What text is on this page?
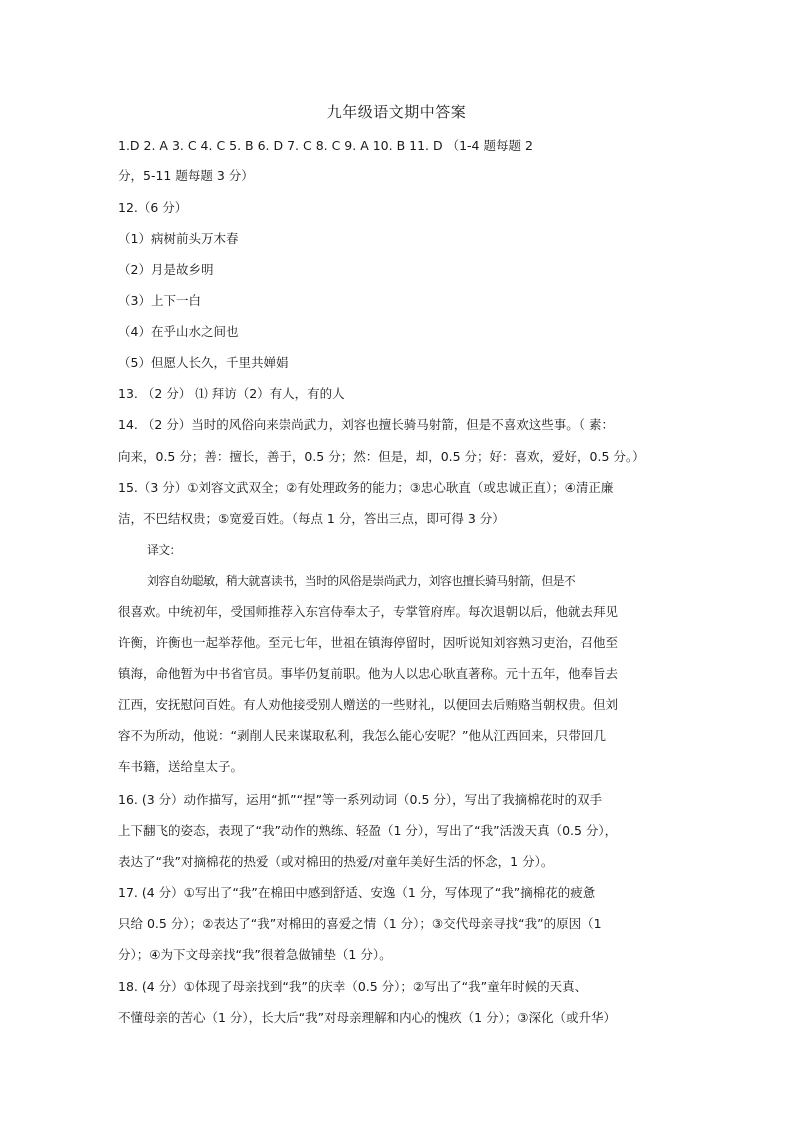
九年级语文期中答案
1.D 2. A 3. C 4. C 5. B 6. D 7. C 8. C 9. A 10. B 11. D （1-4 题每题 2
分，5-11 题每题 3 分）
12.（6 分）
（1）病树前头万木春
（2）月是故乡明
（3）上下一白
（4）在乎山水之间也
（5）但愿人长久，千里共婵娟
13. （2 分） ⑴ 拜访（2）有人，有的人
14. （2 分）当时的风俗向来崇尚武力，刘容也擅长骑马射箭，但是不喜欢这些事。（ 素：
向来，0.5 分；善：擅长，善于，0.5 分；然：但是，却，0.5 分；好：喜欢，爱好，0.5 分。）
15.（3 分）①刘容文武双全；②有处理政务的能力；③忠心耿直（或忠诚正直）；④清正廉
洁，不巴结权贵；⑤宽爱百姓。（每点 1 分，答出三点，即可得 3 分）
译文：
刘容自幼聪敏，稍大就喜读书，当时的风俗是崇尚武力，刘容也擅长骑马射箭，但是不
很喜欢。中统初年，受国师推荐入东宫侍奉太子，专掌管府库。每次退朝以后，他就去拜见
许衡，许衡也一起举荐他。至元七年，世祖在镇海停留时，因听说知刘容熟习吏治，召他至
镇海，命他暂为中书省官员。事毕仍复前职。他为人以忠心耿直著称。元十五年，他奉旨去
江西，安抚慰问百姓。有人劝他接受别人赠送的一些财礼，以便回去后贿赂当朝权贵。但刘
容不为所动，他说：“剥削人民来谋取私利，我怎么能心安呢？”他从江西回来，只带回几
车书籍，送给皇太子。
16. (3 分）动作描写，运用“抓”“捏”等一系列动词（0.5 分），写出了我摘棉花时的双手
上下翻飞的姿态，表现了“我”动作的熟练、轻盈（1 分），写出了“我”活泼天真（0.5 分），
表达了“我”对摘棉花的热爱（或对棉田的热爱/对童年美好生活的怀念，1 分）。
17. (4 分）①写出了“我”在棉田中感到舒适、安逸（1 分，写体现了“我”摘棉花的疲惫
只给 0.5 分）；②表达了“我”对棉田的喜爱之情（1 分）；③交代母亲寻找“我”的原因（1
分）；④为下文母亲找“我”很着急做铺垫（1 分）。
18. (4 分）①体现了母亲找到“我”的庆幸（0.5 分）；②写出了“我”童年时候的天真、
不懂母亲的苦心（1 分），长大后“我”对母亲理解和内心的愧疚（1 分）；③深化（或升华）
